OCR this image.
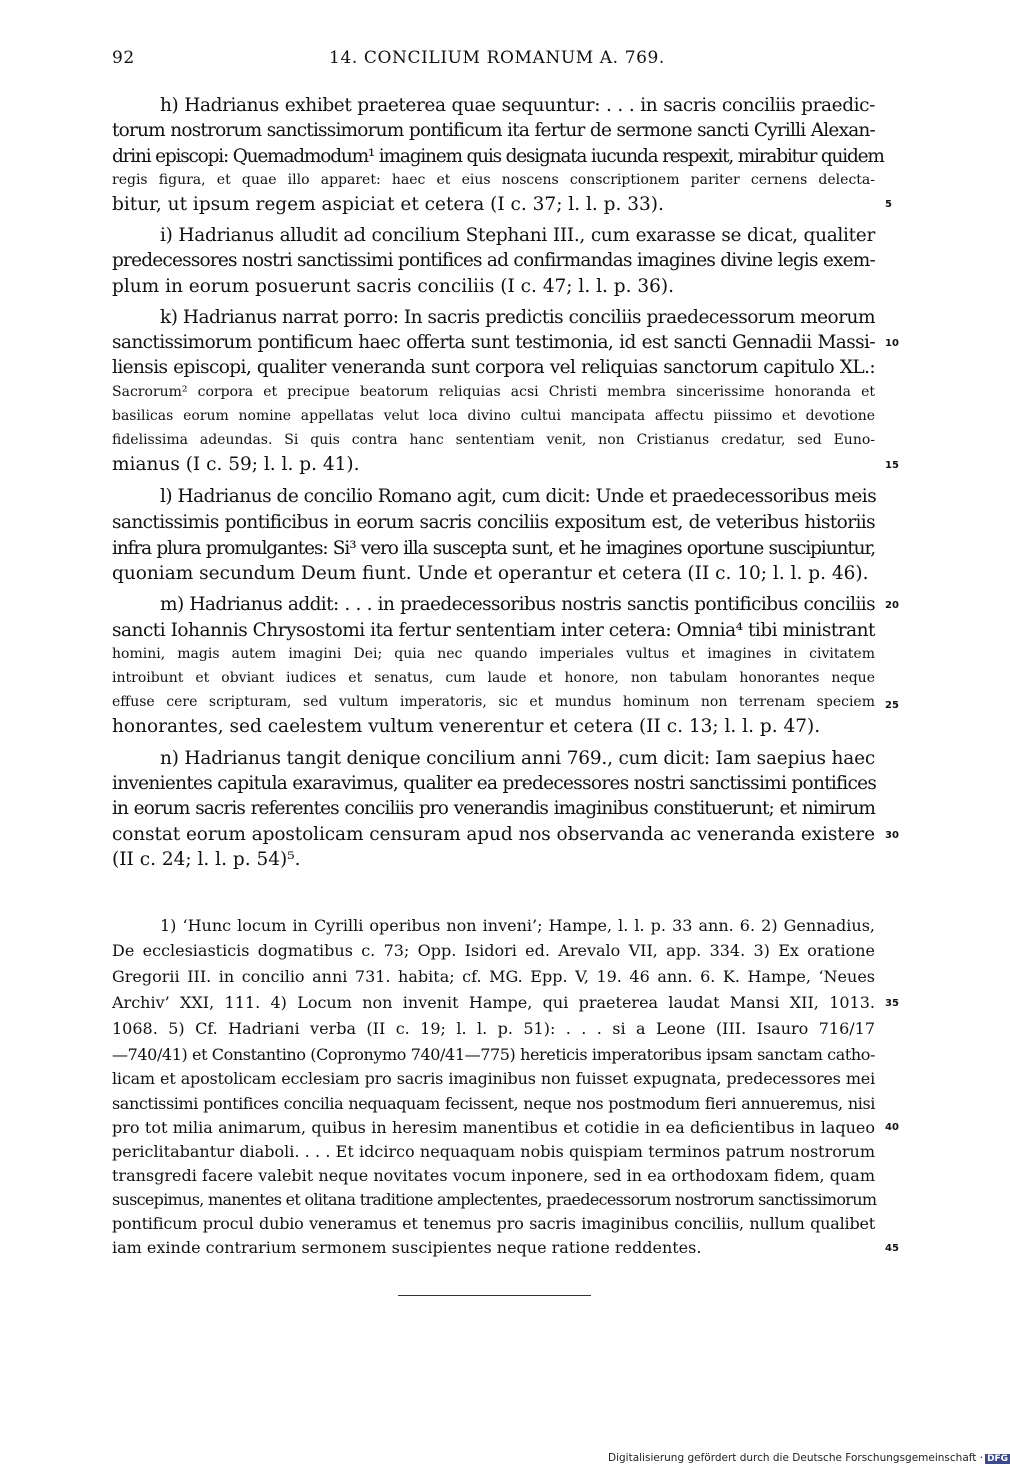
92	14. CONCILIUM ROMANUM A. 769.
h) Hadrianus exhibet praeterea quae sequuntur: . . . in sacris conciliis praedic-
torum nostrorum sanctissimorum pontificum ita fertur de sermone sancti Cyrilli Alexan-
drini episcopi: Quemadmodum¹ imaginem quis designata iucunda respexit, mirabitur quidem
regis figura, et quae illo apparet: haec et eius noscens conscriptionem pariter cernens delecta-
bitur, ut ipsum regem aspiciat et cetera (I c. 37; l. l. p. 33).
i) Hadrianus alludit ad concilium Stephani III., cum exarasse se dicat, qualiter
predecessores nostri sanctissimi pontifices ad confirmandas imagines divine legis exem-
plum in eorum posuerunt sacris conciliis (I c. 47; l. l. p. 36).
k) Hadrianus narrat porro: In sacris predictis conciliis praedecessorum meorum
sanctissimorum pontificum haec offerta sunt testimonia, id est sancti Gennadii Massi-
liensis episcopi, qualiter veneranda sunt corpora vel reliquias sanctorum capitulo XL.:
Sacrorum² corpora et precipue beatorum reliquias acsi Christi membra sincerissime honoranda et
basilicas eorum nomine appellatas velut loca divino cultui mancipata affectu piissimo et devotione
fidelissima adeundas. Si quis contra hanc sententiam venit, non Cristianus credatur, sed Euno-
mianus (I c. 59; l. l. p. 41).
l) Hadrianus de concilio Romano agit, cum dicit: Unde et praedecessoribus meis
sanctissimis pontificibus in eorum sacris conciliis expositum est, de veteribus historiis
infra plura promulgantes: Si³ vero illa suscepta sunt, et he imagines oportune suscipiuntur,
quoniam secundum Deum fiunt. Unde et operantur et cetera (II c. 10; l. l. p. 46).
m) Hadrianus addit: . . . in praedecessoribus nostris sanctis pontificibus conciliis
sancti Iohannis Chrysostomi ita fertur sententiam inter cetera: Omnia⁴ tibi ministrant
homini, magis autem imagini Dei; quia nec quando imperiales vultus et imagines in civitatem
introibunt et obviant iudices et senatus, cum laude et honore, non tabulam honorantes neque
effuse cere scripturam, sed vultum imperatoris, sic et mundus hominum non terrenam speciem
honorantes, sed caelestem vultum venerentur et cetera (II c. 13; l. l. p. 47).
n) Hadrianus tangit denique concilium anni 769., cum dicit: Iam saepius haec
invenientes capitula exaravimus, qualiter ea predecessores nostri sanctissimi pontifices
in eorum sacris referentes conciliis pro venerandis imaginibus constituerunt; et nimirum
constat eorum apostolicam censuram apud nos observanda ac veneranda existere
(II c. 24; l. l. p. 54)⁵.
1) ‘Hunc locum in Cyrilli operibus non inveni’; Hampe, l. l. p. 33 ann. 6. 2) Gennadius,
De ecclesiasticis dogmatibus c. 73; Opp. Isidori ed. Arevalo VII, app. 334. 3) Ex oratione
Gregorii III. in concilio anni 731. habita; cf. MG. Epp. V, 19. 46 ann. 6. K. Hampe, ‘Neues
Archiv’ XXI, 111. 4) Locum non invenit Hampe, qui praeterea laudat Mansi XII, 1013.
1068. 5) Cf. Hadriani verba (II c. 19; l. l. p. 51): . . . si a Leone (III. Isauro 716/17
—740/41) et Constantino (Copronymo 740/41—775) hereticis imperatoribus ipsam sanctam catho-
licam et apostolicam ecclesiam pro sacris imaginibus non fuisset expugnata, predecessores mei
sanctissimi pontifices concilia nequaquam fecissent, neque nos postmodum fieri annueremus, nisi
pro tot milia animarum, quibus in heresim manentibus et cotidie in ea deficientibus in laqueo
periclitabantur diaboli. . . . Et idcirco nequaquam nobis quispiam terminos patrum nostrorum
transgredi facere valebit neque novitates vocum inponere, sed in ea orthodoxam fidem, quam
suscepimus, manentes et olitana traditione amplectentes, praedecessorum nostrorum sanctissimorum
pontificum procul dubio veneramus et tenemus pro sacris imaginibus conciliis, nullum qualibet
iam exinde contrarium sermonem suscipientes neque ratione reddentes.
5
10
15
20
25
30
35
40
45
Digitalisierung gefördert durch die Deutsche Forschungsgemeinschaft · DFG
